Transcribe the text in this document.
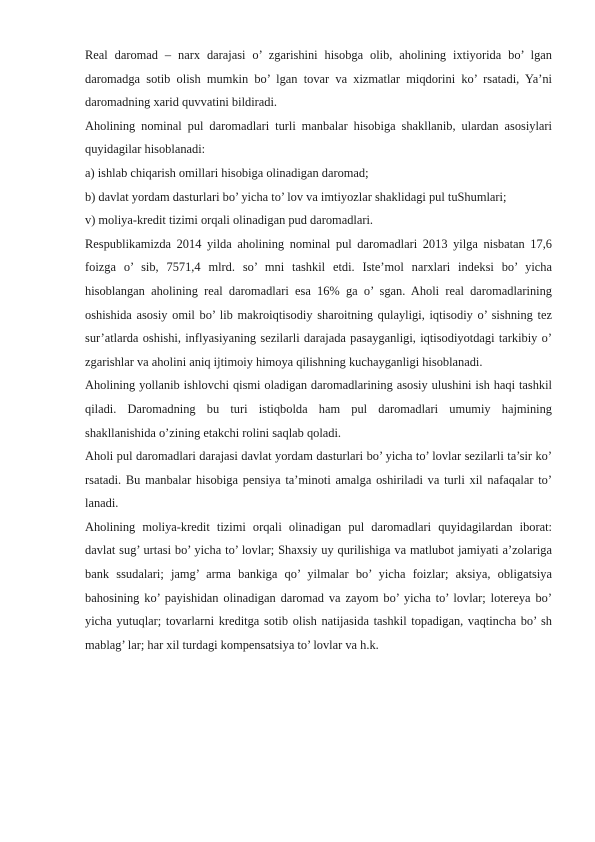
Real daromad – narx darajasi o’ zgarishini hisobga olib, aholining ixtiyorida bo’ lgan daromadga sotib olish mumkin bo’ lgan tovar va xizmatlar miqdorini ko’ rsatadi, Ya’ni daromadning xarid quvvatini bildiradi.

Aholining nominal pul daromadlari turli manbalar hisobiga shakllanib, ulardan asosiylari quyidagilar hisoblanadi:

a) ishlab chiqarish omillari hisobiga olinadigan daromad;

b) davlat yordam dasturlari bo’ yicha to’ lov va imtiyozlar shaklidagi pul tuShumlari;

v) moliya-kredit tizimi orqali olinadigan pud daromadlari.

Respublikamizda 2014 yilda aholining nominal pul daromadlari 2013 yilga nisbatan 17,6 foizga o’ sib, 7571,4 mlrd. so’ mni tashkil etdi. Iste’mol narxlari indeksi bo’ yicha hisoblangan aholining real daromadlari esa 16% ga o’ sgan. Aholi real daromadlarining oshishida asosiy omil bo’ lib makroiqtisodiy sharoitning qulayligi, iqtisodiy o’ sishning tez sur’atlarda oshishi, inflyasiyaning sezilarli darajada pasayganligi, iqtisodiyotdagi tarkibiy o’ zgarishlar va aholini aniq ijtimoiy himoya qilishning kuchayganligi hisoblanadi.

Aholining yollanib ishlovchi qismi oladigan daromadlarining asosiy ulushini ish haqi tashkil qiladi. Daromadning bu turi istiqbolda ham pul daromadlari umumiy hajmining shakllanishida o’zining etakchi rolini saqlab qoladi.

Aholi pul daromadlari darajasi davlat yordam dasturlari bo’ yicha to’ lovlar sezilarli ta’sir ko’ rsatadi. Bu manbalar hisobiga pensiya ta’minoti amalga oshiriladi va turli xil nafaqalar to’ lanadi.

Aholining moliya-kredit tizimi orqali olinadigan pul daromadlari quyidagilardan iborat: davlat sug’ urtasi bo’ yicha to’ lovlar; Shaxsiy uy qurilishiga va matlubot jamiyati a’zolariga bank ssudalari; jamg’ arma bankiga qo’ yilmalar bo’ yicha foizlar; aksiya, obligatsiya bahosining ko’ payishidan olinadigan daromad va zayom bo’ yicha to’ lovlar; lotereya bo’ yicha yutuqlar; tovarlarni kreditga sotib olish natijasida tashkil topadigan, vaqtincha bo’ sh mablag’ lar; har xil turdagi kompensatsiya to’ lovlar va h.k.
